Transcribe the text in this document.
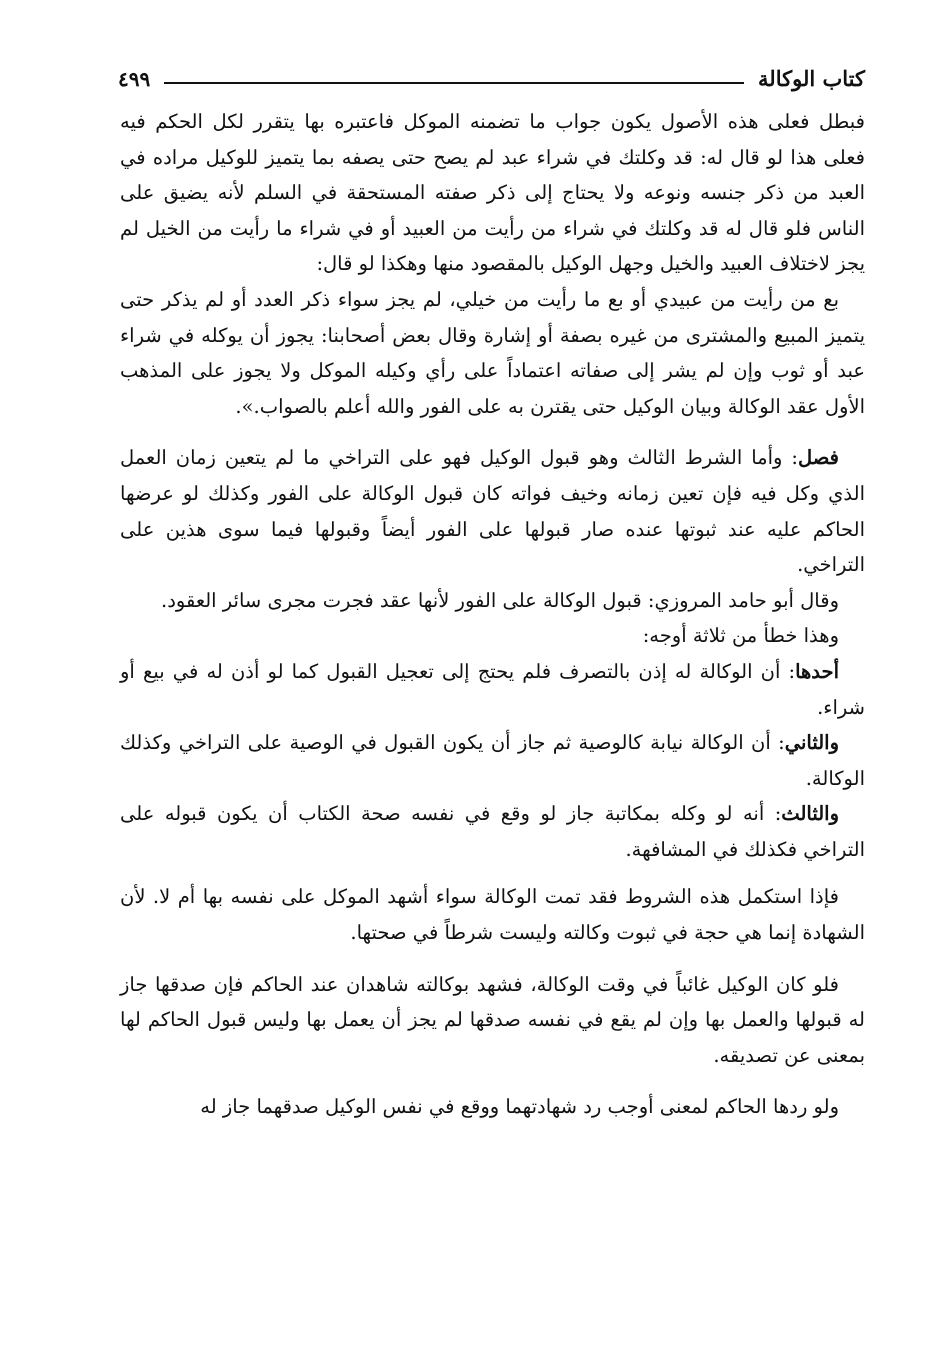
كتاب الوكالة
٤٩٩

فبطل فعلى هذه الأصول يكون جواب ما تضمنه الموكل فاعتبره بها يتقرر لكل الحكم فيه فعلى هذا لو قال له: قد وكلتك في شراء عبد لم يصح حتى يصفه بما يتميز للوكيل مراده في العبد من ذكر جنسه ونوعه ولا يحتاج إلى ذكر صفته المستحقة في السلم لأنه يضيق على الناس فلو قال له قد وكلتك في شراء من رأيت من العبيد أو في شراء ما رأيت من الخيل لم يجز لاختلاف العبيد والخيل وجهل الوكيل بالمقصود منها وهكذا لو قال:

بع من رأيت من عبيدي أو بع ما رأيت من خيلي، لم يجز سواء ذكر العدد أو لم يذكر حتى يتميز المبيع والمشترى من غيره بصفة أو إشارة وقال بعض أصحابنا: يجوز أن يوكله في شراء عبد أو ثوب وإن لم يشر إلى صفاته اعتماداً على رأي وكيله الموكل ولا يجوز على المذهب الأول عقد الوكالة وبيان الوكيل حتى يقترن به على الفور والله أعلم بالصواب.».

فصل: وأما الشرط الثالث وهو قبول الوكيل فهو على التراخي ما لم يتعين زمان العمل الذي وكل فيه فإن تعين زمانه وخيف فواته كان قبول الوكالة على الفور وكذلك لو عرضها الحاكم عليه عند ثبوتها عنده صار قبولها على الفور أيضاً وقبولها فيما سوى هذين على التراخي.

وقال أبو حامد المروزي: قبول الوكالة على الفور لأنها عقد فجرت مجرى سائر العقود.

وهذا خطأ من ثلاثة أوجه:

أحدها: أن الوكالة له إذن بالتصرف فلم يحتج إلى تعجيل القبول كما لو أذن له في بيع أو شراء.

والثاني: أن الوكالة نيابة كالوصية ثم جاز أن يكون القبول في الوصية على التراخي وكذلك الوكالة.

والثالث: أنه لو وكله بمكاتبة جاز لو وقع في نفسه صحة الكتاب أن يكون قبوله على التراخي فكذلك في المشافهة.

فإذا استكمل هذه الشروط فقد تمت الوكالة سواء أشهد الموكل على نفسه بها أم لا. لأن الشهادة إنما هي حجة في ثبوت وكالته وليست شرطاً في صحتها.

فلو كان الوكيل غائباً في وقت الوكالة، فشهد بوكالته شاهدان عند الحاكم فإن صدقها جاز له قبولها والعمل بها وإن لم يقع في نفسه صدقها لم يجز أن يعمل بها وليس قبول الحاكم لها بمعنى عن تصديقه.

ولو ردها الحاكم لمعنى أوجب رد شهادتهما ووقع في نفس الوكيل صدقهما جاز له
